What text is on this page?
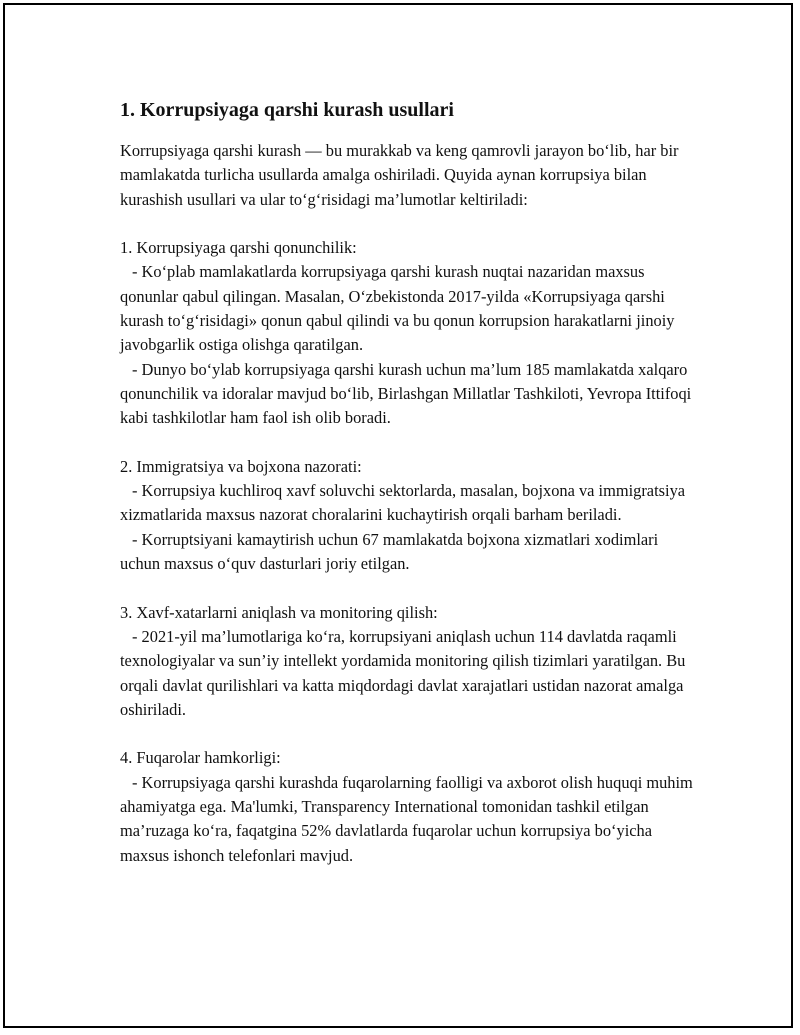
1. Korrupsiyaga qarshi kurash usullari

Korrupsiyaga qarshi kurash — bu murakkab va keng qamrovli jarayon bo‘lib, har bir mamlakatda turlicha usullarda amalga oshiriladi. Quyida aynan korrupsiya bilan kurashish usullari va ular to‘g‘risidagi ma’lumotlar keltiriladi:

1. Korrupsiyaga qarshi qonunchilik:

- Ko‘plab mamlakatlarda korrupsiyaga qarshi kurash nuqtai nazaridan maxsus qonunlar qabul qilingan. Masalan, O‘zbekistonda 2017-yilda «Korrupsiyaga qarshi kurash to‘g‘risidagi» qonun qabul qilindi va bu qonun korrupsion harakatlarni jinoiy javobgarlik ostiga olishga qaratilgan.

- Dunyo bo‘ylab korrupsiyaga qarshi kurash uchun ma’lum 185 mamlakatda xalqaro qonunchilik va idoralar mavjud bo‘lib, Birlashgan Millatlar Tashkiloti, Yevropa Ittifoqi kabi tashkilotlar ham faol ish olib boradi.

2. Immigratsiya va bojxona nazorati:

- Korrupsiya kuchliroq xavf soluvchi sektorlarda, masalan, bojxona va immigratsiya xizmatlarida maxsus nazorat choralarini kuchaytirish orqali barham beriladi.

- Korruptsiyani kamaytirish uchun 67 mamlakatda bojxona xizmatlari xodimlari uchun maxsus o‘quv dasturlari joriy etilgan.

3. Xavf-xatarlarni aniqlash va monitoring qilish:

- 2021-yil ma’lumotlariga ko‘ra, korrupsiyani aniqlash uchun 114 davlatda raqamli texnologiyalar va sun’iy intellekt yordamida monitoring qilish tizimlari yaratilgan. Bu orqali davlat qurilishlari va katta miqdordagi davlat xarajatlari ustidan nazorat amalga oshiriladi.

4. Fuqarolar hamkorligi:

- Korrupsiyaga qarshi kurashda fuqarolarning faolligi va axborot olish huquqi muhim ahamiyatga ega. Ma'lumki, Transparency International tomonidan tashkil etilgan ma’ruzaga ko‘ra, faqatgina 52% davlatlarda fuqarolar uchun korrupsiya bo‘yicha maxsus ishonch telefonlari mavjud.
